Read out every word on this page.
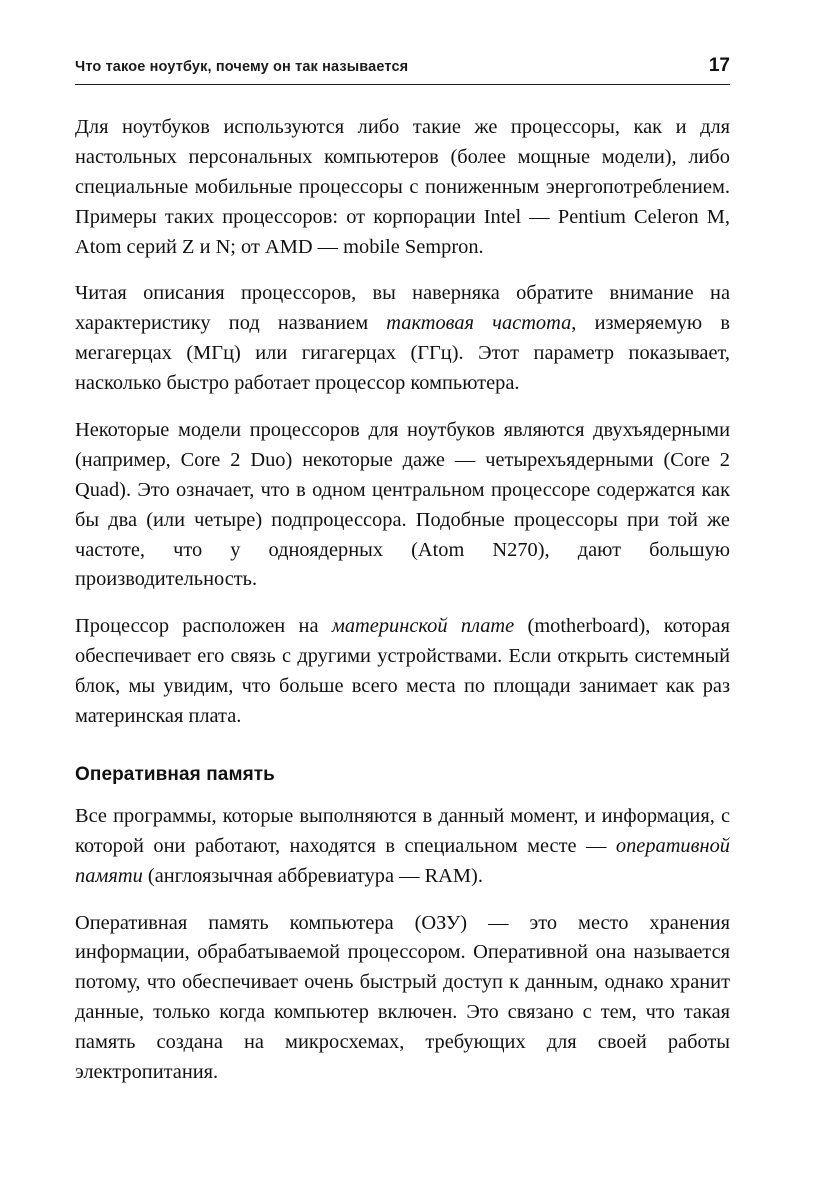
Что такое ноутбук, почему он так называется	17

Для ноутбуков используются либо такие же процессоры, как и для настольных персональных компьютеров (более мощные модели), либо специальные мобильные процессоры с пониженным энергопотреблением. Примеры таких процессоров: от корпорации Intel — Pentium Celeron M, Atom серий Z и N; от AMD — mobile Sempron.

Читая описания процессоров, вы наверняка обратите внимание на характеристику под названием тактовая частота, измеряемую в мегагерцах (МГц) или гигагерцах (ГГц). Этот параметр показывает, насколько быстро работает процессор компьютера.

Некоторые модели процессоров для ноутбуков являются двухъядерными (например, Core 2 Duo) некоторые даже — четырехъядерными (Core 2 Quad). Это означает, что в одном центральном процессоре содержатся как бы два (или четыре) подпроцессора. Подобные процессоры при той же частоте, что у одноядерных (Atom N270), дают большую производительность.

Процессор расположен на материнской плате (motherboard), которая обеспечивает его связь с другими устройствами. Если открыть системный блок, мы увидим, что больше всего места по площади занимает как раз материнская плата.

Оперативная память

Все программы, которые выполняются в данный момент, и информация, с которой они работают, находятся в специальном месте — оперативной памяти (англоязычная аббревиатура — RAM).

Оперативная память компьютера (ОЗУ) — это место хранения информации, обрабатываемой процессором. Оперативной она называется потому, что обеспечивает очень быстрый доступ к данным, однако хранит данные, только когда компьютер включен. Это связано с тем, что такая память создана на микросхемах, требующих для своей работы электропитания.
